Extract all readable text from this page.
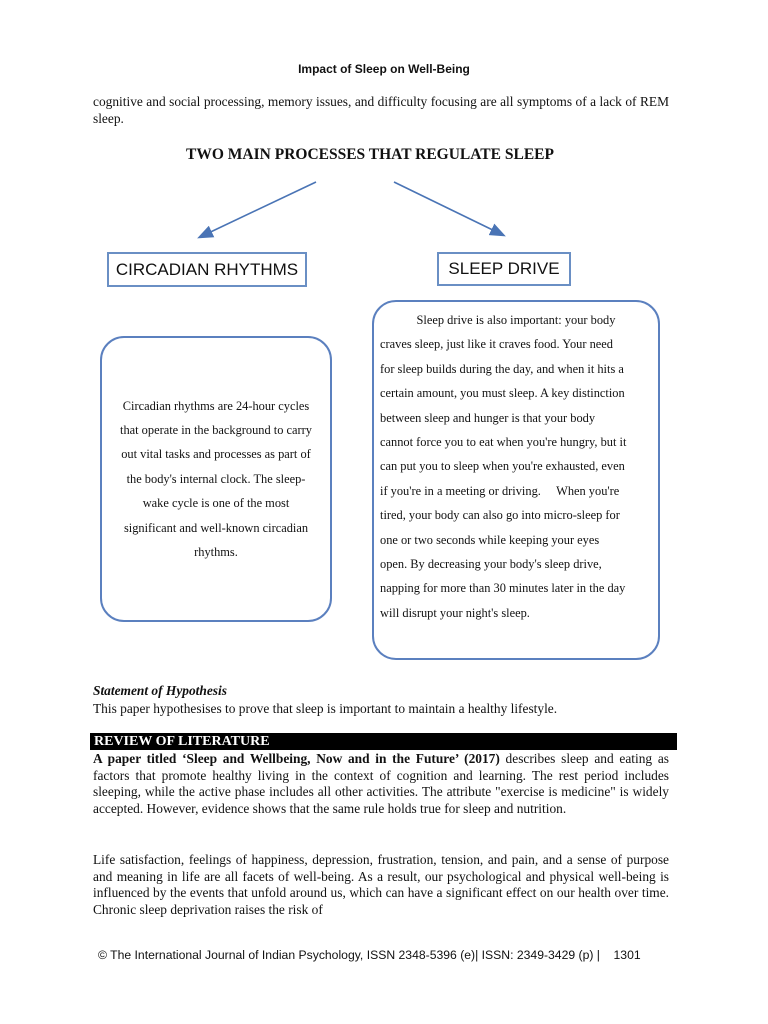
Impact of Sleep on Well-Being

cognitive and social processing, memory issues, and difficulty focusing are all symptoms of a lack of REM sleep.

TWO MAIN PROCESSES THAT REGULATE SLEEP
CIRCADIAN RHYTHMS	SLEEP DRIVE
Circadian rhythms are 24-hour cycles
that operate in the background to carry
out vital tasks and processes as part of
the body's internal clock. The sleep-
wake cycle is one of the most
significant and well-known circadian
rhythms.
Sleep drive is also important: your body
craves sleep, just like it craves food. Your need
for sleep builds during the day, and when it hits a
certain amount, you must sleep. A key distinction
between sleep and hunger is that your body
cannot force you to eat when you're hungry, but it
can put you to sleep when you're exhausted, even
if you're in a meeting or driving.     When you're
tired, your body can also go into micro-sleep for
one or two seconds while keeping your eyes
open. By decreasing your body's sleep drive,
napping for more than 30 minutes later in the day
will disrupt your night's sleep.
Statement of Hypothesis

This paper hypothesises to prove that sleep is important to maintain a healthy lifestyle.

REVIEW OF LITERATURE

A paper titled ‘Sleep and Wellbeing, Now and in the Future’ (2017) describes sleep and eating as factors that promote healthy living in the context of cognition and learning. The rest period includes sleeping, while the active phase includes all other activities. The attribute "exercise is medicine" is widely accepted. However, evidence shows that the same rule holds true for sleep and nutrition.

Life satisfaction, feelings of happiness, depression, frustration, tension, and pain, and a sense of purpose and meaning in life are all facets of well-being. As a result, our psychological and physical well-being is influenced by the events that unfold around us, which can have a significant effect on our health over time. Chronic sleep deprivation raises the risk of

© The International Journal of Indian Psychology, ISSN 2348-5396 (e)| ISSN: 2349-3429 (p) |    1301
